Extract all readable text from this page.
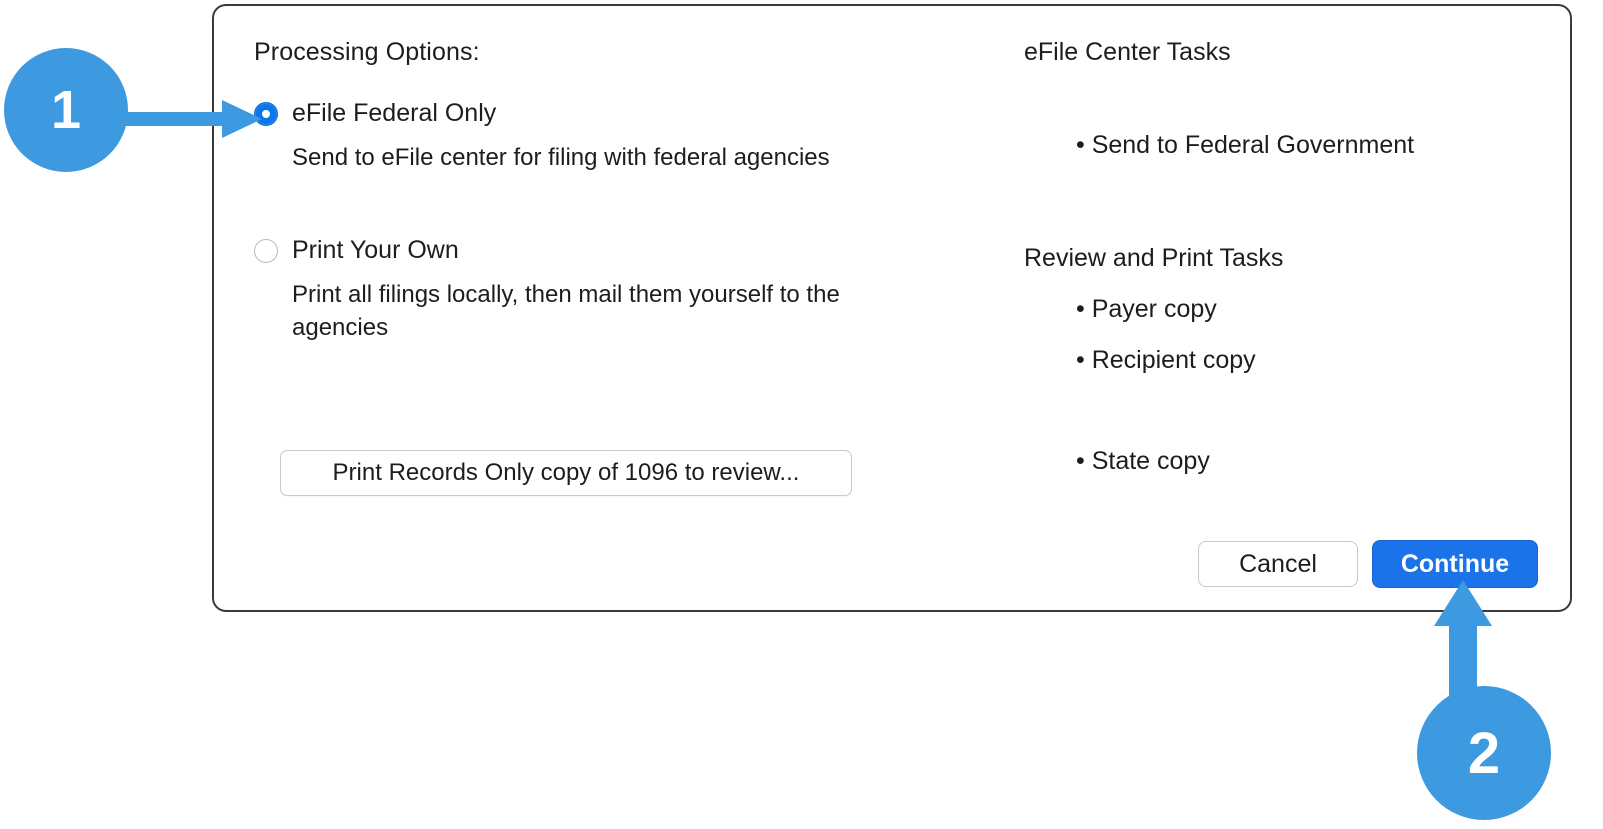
Processing Options:
eFile Federal Only
Send to eFile center for filing with federal agencies
Print Your Own
Print all filings locally, then mail them yourself to the agencies
Print Records Only copy of 1096 to review...
eFile Center Tasks
• Send to Federal Government
Review and Print Tasks
• Payer copy
• Recipient copy
• State copy
Cancel	Continue
1
2
